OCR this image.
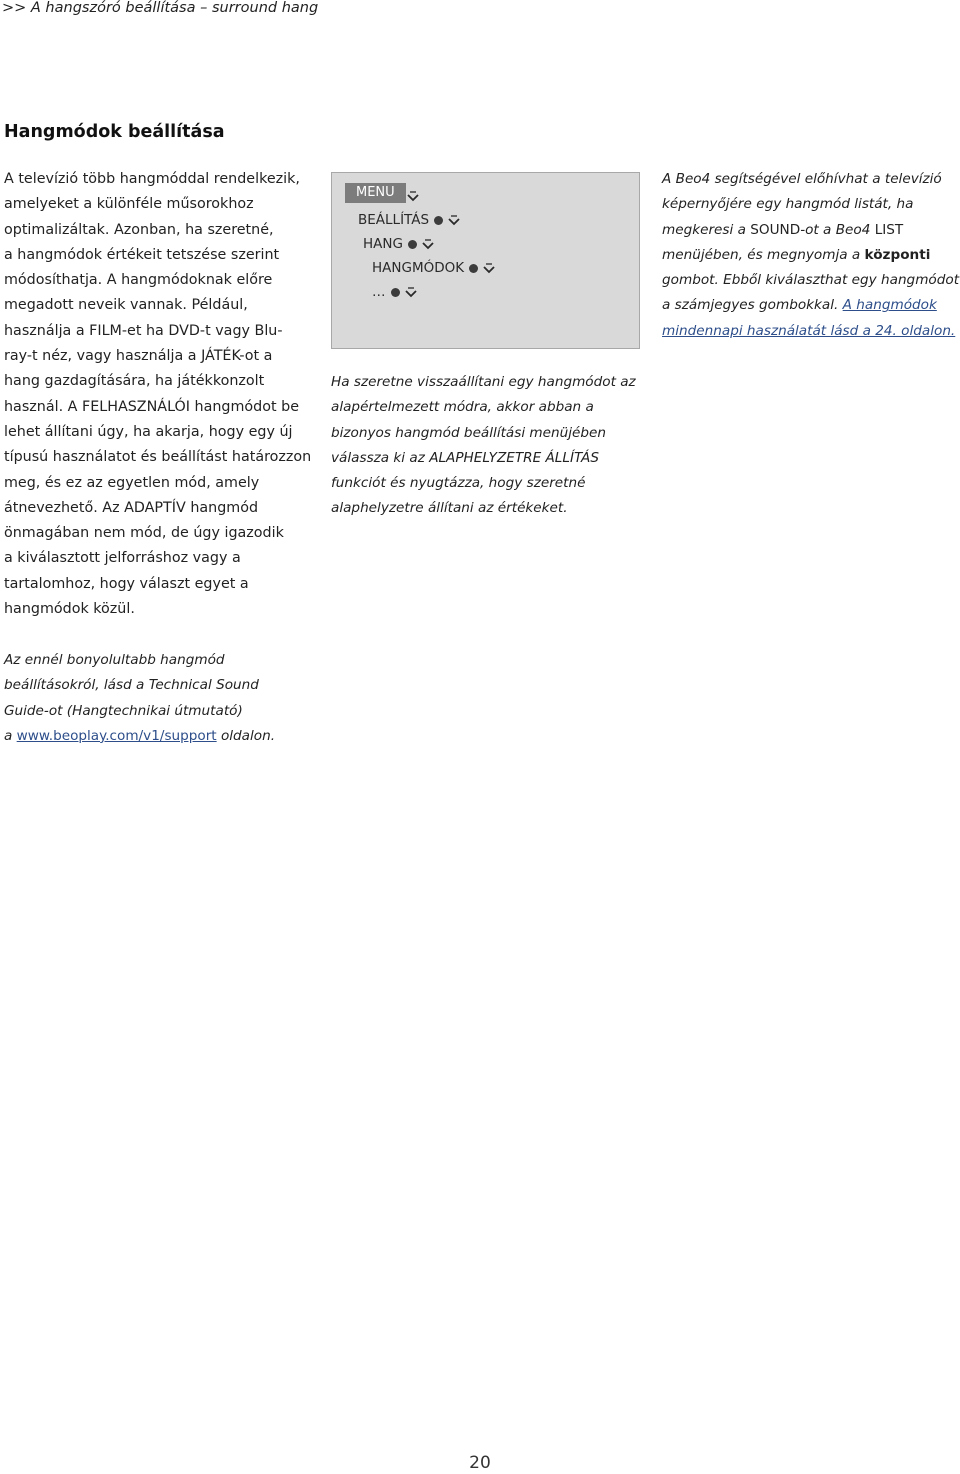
>> A hangszóró beállítása – surround hang
Hangmódok beállítása
A televízió több hangmóddal rendelkezik,
amelyeket a különféle műsorokhoz
optimalizáltak. Azonban, ha szeretné,
a hangmódok értékeit tetszése szerint
módosíthatja. A hangmódoknak előre
megadott neveik vannak. Például,
használja a FILM-et ha DVD-t vagy Blu-
ray-t néz, vagy használja a JÁTÉK-ot a
hang gazdagítására, ha játékkonzolt
használ. A FELHASZNÁLÓI hangmódot be
lehet állítani úgy, ha akarja, hogy egy új
típusú használatot és beállítást határozzon
meg, és ez az egyetlen mód, amely
átnevezhető. Az ADAPTÍV hangmód
önmagában nem mód, de úgy igazodik
a kiválasztott jelforráshoz vagy a
tartalomhoz, hogy választ egyet a
hangmódok közül.
MENU
BEÁLLÍTÁS
HANG
HANGMÓDOK
…
Ha szeretne visszaállítani egy hangmódot az
alapértelmezett módra, akkor abban a
bizonyos hangmód beállítási menüjében
válassza ki az ALAPHELYZETRE ÁLLÍTÁS
funkciót és nyugtázza, hogy szeretné
alaphelyzetre állítani az értékeket.
A Beo4 segítségével előhívhat a televízió
képernyőjére egy hangmód listát, ha
megkeresi a SOUND-ot a Beo4 LIST
menüjében, és megnyomja a központi
gombot. Ebből kiválaszthat egy hangmódot
a számjegyes gombokkal. A hangmódok
mindennapi használatát lásd a 24. oldalon.
Az ennél bonyolultabb hangmód
beállításokról, lásd a Technical Sound
Guide-ot (Hangtechnikai útmutató)
a www.beoplay.com/v1/support oldalon.
20
